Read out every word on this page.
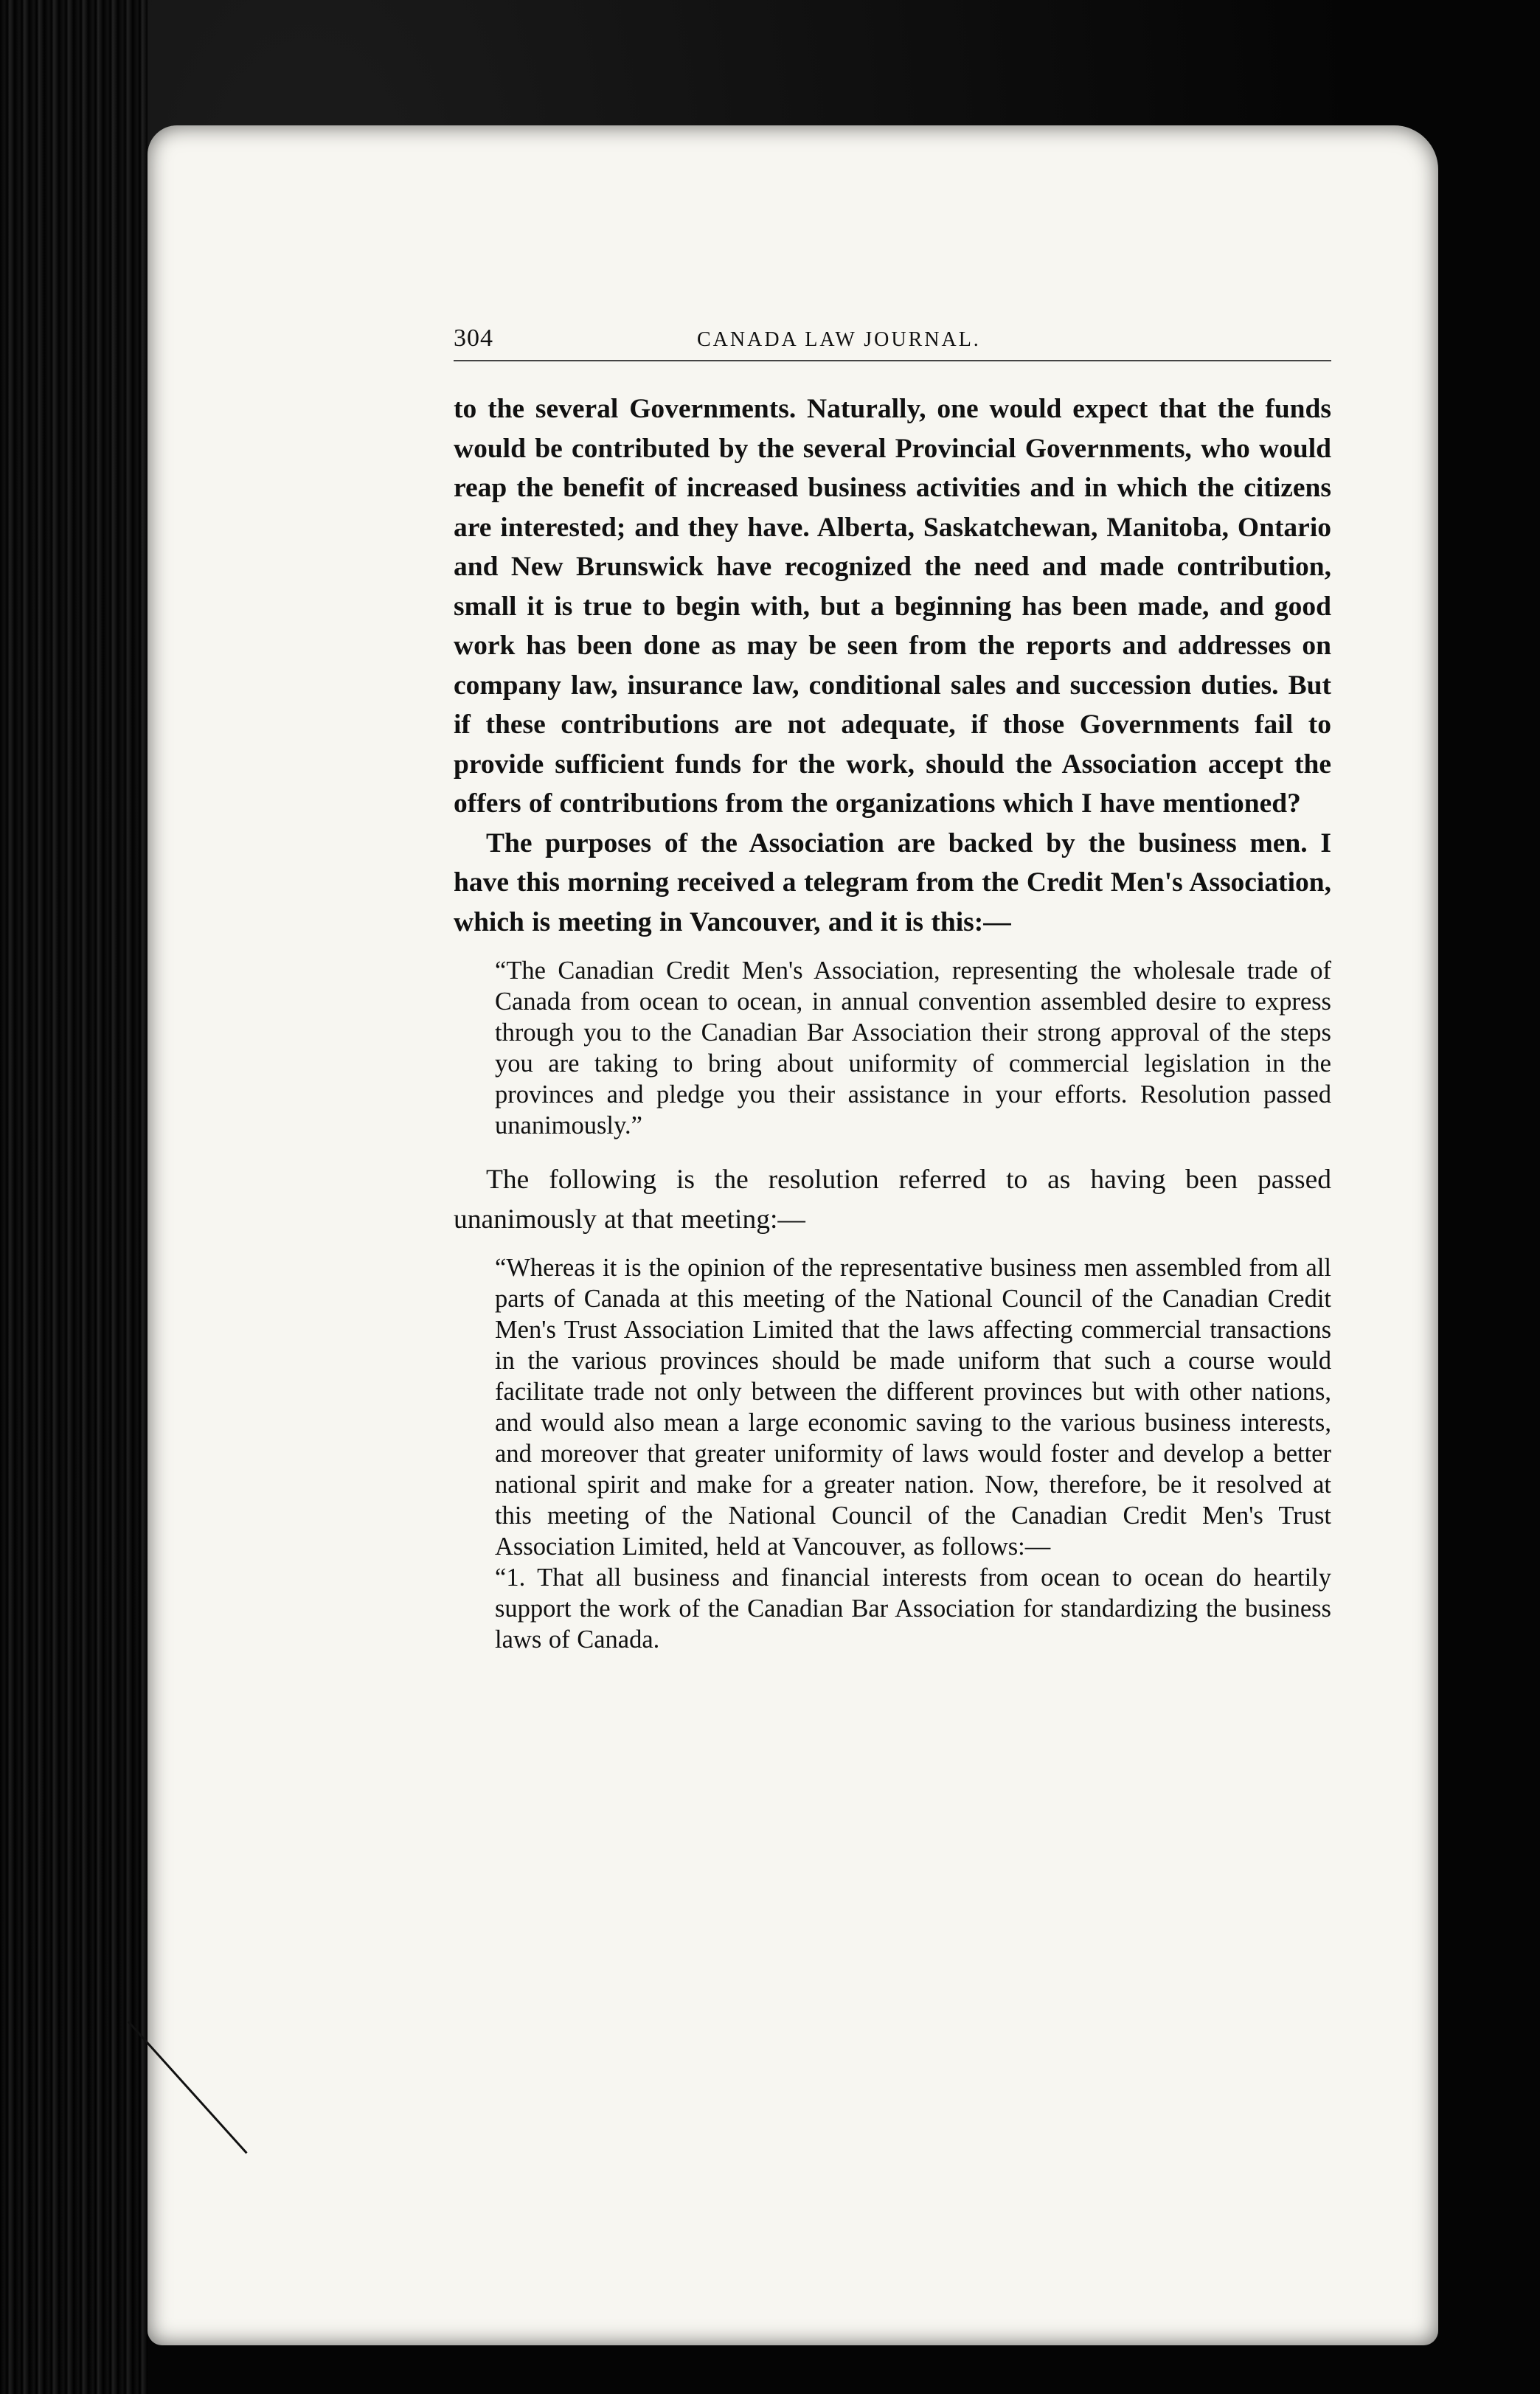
304	CANADA LAW JOURNAL.

to the several Governments. Naturally, one would expect that the funds would be contributed by the several Provincial Governments, who would reap the benefit of increased business activities and in which the citizens are interested; and they have. Alberta, Saskatchewan, Manitoba, Ontario and New Brunswick have recognized the need and made contribution, small it is true to begin with, but a beginning has been made, and good work has been done as may be seen from the reports and addresses on company law, insurance law, conditional sales and succession duties. But if these contributions are not adequate, if those Governments fail to provide sufficient funds for the work, should the Association accept the offers of contributions from the organizations which I have mentioned?

The purposes of the Association are backed by the business men. I have this morning received a telegram from the Credit Men's Association, which is meeting in Vancouver, and it is this:—

“The Canadian Credit Men's Association, representing the wholesale trade of Canada from ocean to ocean, in annual convention assembled desire to express through you to the Canadian Bar Association their strong approval of the steps you are taking to bring about uniformity of commercial legislation in the provinces and pledge you their assistance in your efforts. Resolution passed unanimously.”

The following is the resolution referred to as having been passed unanimously at that meeting:—

“Whereas it is the opinion of the representative business men assembled from all parts of Canada at this meeting of the National Council of the Canadian Credit Men's Trust Association Limited that the laws affecting commercial transactions in the various provinces should be made uniform that such a course would facilitate trade not only between the different provinces but with other nations, and would also mean a large economic saving to the various business interests, and moreover that greater uniformity of laws would foster and develop a better national spirit and make for a greater nation. Now, therefore, be it resolved at this meeting of the National Council of the Canadian Credit Men's Trust Association Limited, held at Vancouver, as follows:—

“1. That all business and financial interests from ocean to ocean do heartily support the work of the Canadian Bar Association for standardizing the business laws of Canada.
